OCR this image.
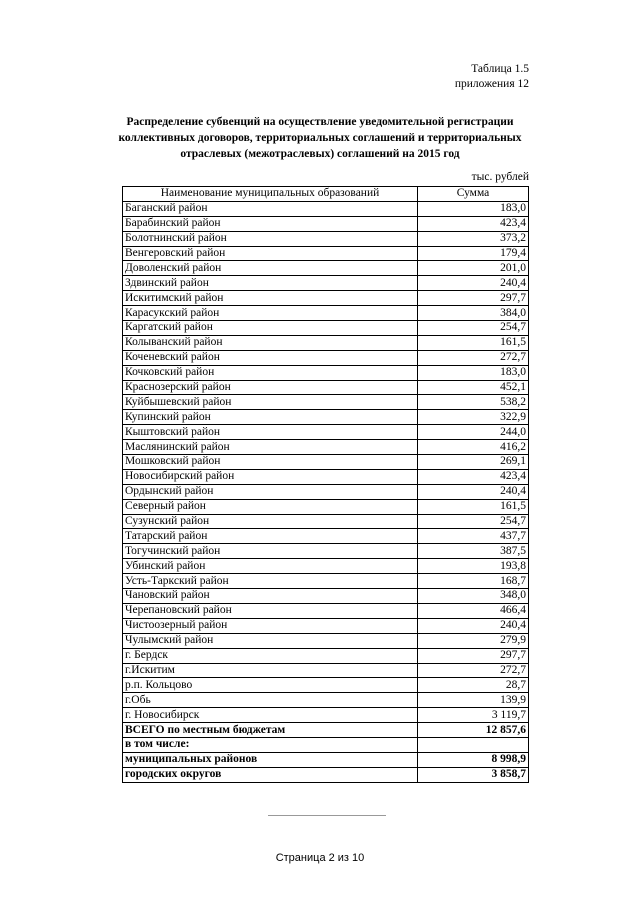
Таблица 1.5
приложения 12
Распределение субвенций на осуществление уведомительной регистрации
коллективных договоров, территориальных соглашений и территориальных
отраслевых (межотраслевых) соглашений на 2015 год
тыс. рублей
Наименование муниципальных образований	Сумма
Баганский район	183,0
Барабинский район	423,4
Болотнинский район	373,2
Венгеровский район	179,4
Доволенский район	201,0
Здвинский район	240,4
Искитимский район	297,7
Карасукский район	384,0
Каргатский район	254,7
Колыванский район	161,5
Коченевский район	272,7
Кочковский район	183,0
Краснозерский район	452,1
Куйбышевский район	538,2
Купинский район	322,9
Кыштовский район	244,0
Маслянинский район	416,2
Мошковский район	269,1
Новосибирский район	423,4
Ордынский район	240,4
Северный район	161,5
Сузунский район	254,7
Татарский район	437,7
Тогучинский район	387,5
Убинский район	193,8
Усть-Таркский район	168,7
Чановский район	348,0
Черепановский район	466,4
Чистоозерный район	240,4
Чулымский район	279,9
г. Бердск	297,7
г.Искитим	272,7
р.п. Кольцово	28,7
г.Обь	139,9
г. Новосибирск	3 119,7
ВСЕГО по местным бюджетам	12 857,6
в том числе:	
муниципальных районов	8 998,9
городских округов	3 858,7
Страница 2 из 10
